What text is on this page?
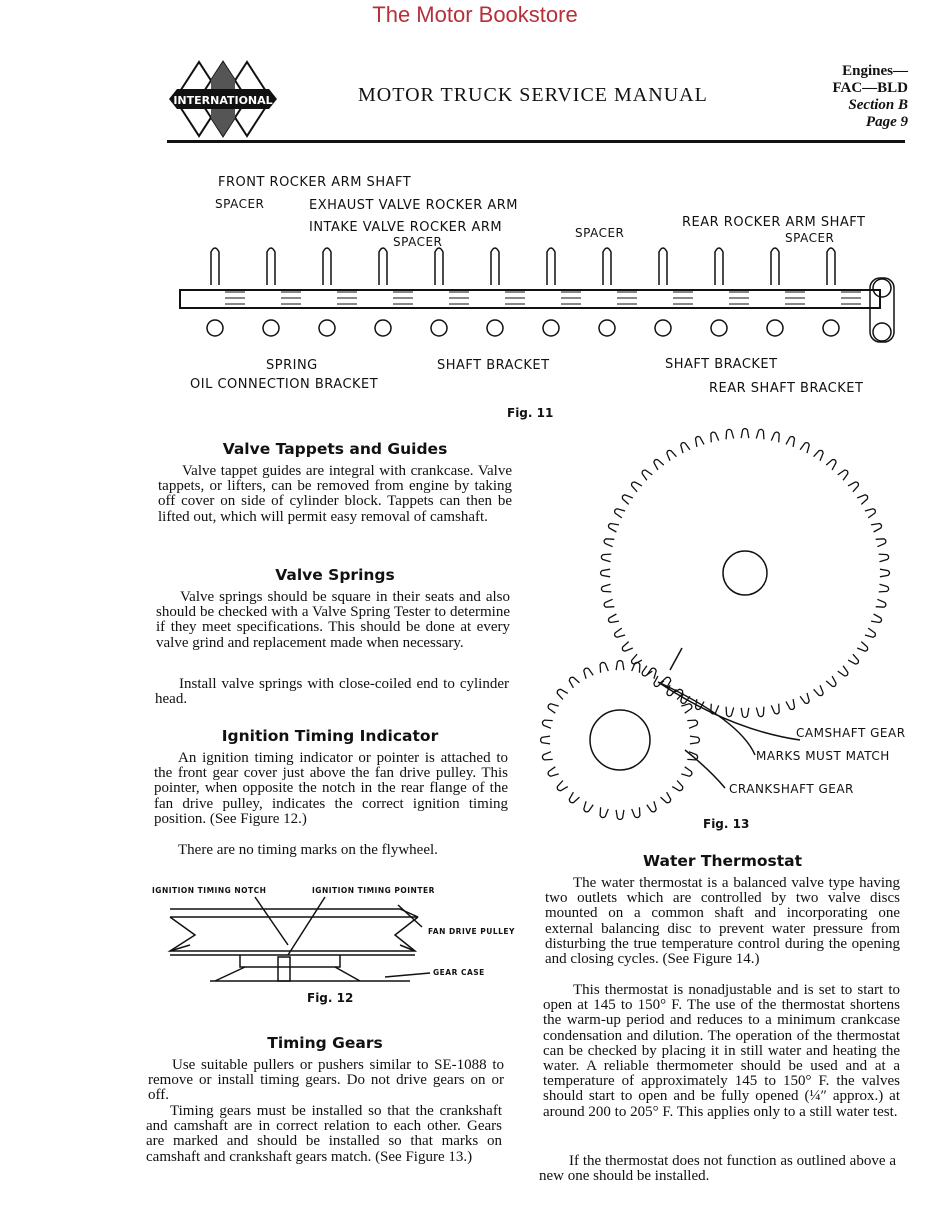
The Motor Bookstore
INTERNATIONAL	MOTOR TRUCK SERVICE MANUAL
Engines—
FAC—BLD
Section B
Page 9
FRONT ROCKER ARM SHAFT
SPACER	EXHAUST VALVE ROCKER ARM
INTAKE VALVE ROCKER ARM
SPACER
SPACER
REAR ROCKER ARM SHAFT
SPACER
SPRING
OIL CONNECTION BRACKET
SHAFT BRACKET	SHAFT BRACKET
REAR SHAFT BRACKET
Fig. 11
Valve Tappets and Guides
Valve tappet guides are integral with crankcase. Valve tappets, or lifters, can be removed from engine by taking off cover on side of cylinder block. Tappets can then be lifted out, which will permit easy removal of camshaft.
Valve Springs
Valve springs should be square in their seats and also should be checked with a Valve Spring Tester to determine if they meet specifications. This should be done at every valve grind and replacement made when necessary.
Install valve springs with close-coiled end to cylinder head.
Ignition Timing Indicator
An ignition timing indicator or pointer is attached to the front gear cover just above the fan drive pulley. This pointer, when opposite the notch in the rear flange of the fan drive pulley, indicates the correct ignition timing position. (See Figure 12.)
There are no timing marks on the flywheel.
IGNITION TIMING NOTCH	IGNITION TIMING POINTER
FAN DRIVE PULLEY
GEAR CASE
Fig. 12
Timing Gears
Use suitable pullers or pushers similar to SE-1088 to remove or install timing gears. Do not drive gears on or off.
Timing gears must be installed so that the crankshaft and camshaft are in correct relation to each other. Gears are marked and should be installed so that marks on camshaft and crankshaft gears match. (See Figure 13.)
CAMSHAFT GEAR
MARKS MUST MATCH
CRANKSHAFT GEAR
Fig. 13
Water Thermostat
The water thermostat is a balanced valve type having two outlets which are controlled by two valve discs mounted on a common shaft and incorporating one external balancing disc to prevent water pressure from disturbing the true temperature control during the opening and closing cycles. (See Figure 14.)
This thermostat is nonadjustable and is set to start to open at 145 to 150° F. The use of the thermostat shortens the warm-up period and reduces to a minimum crankcase condensation and dilution. The operation of the thermostat can be checked by placing it in still water and heating the water. A reliable thermometer should be used and at a temperature of approximately 145 to 150° F. the valves should start to open and be fully opened (¼″ approx.) at around 200 to 205° F. This applies only to a still water test.
If the thermostat does not function as outlined above a new one should be installed.
